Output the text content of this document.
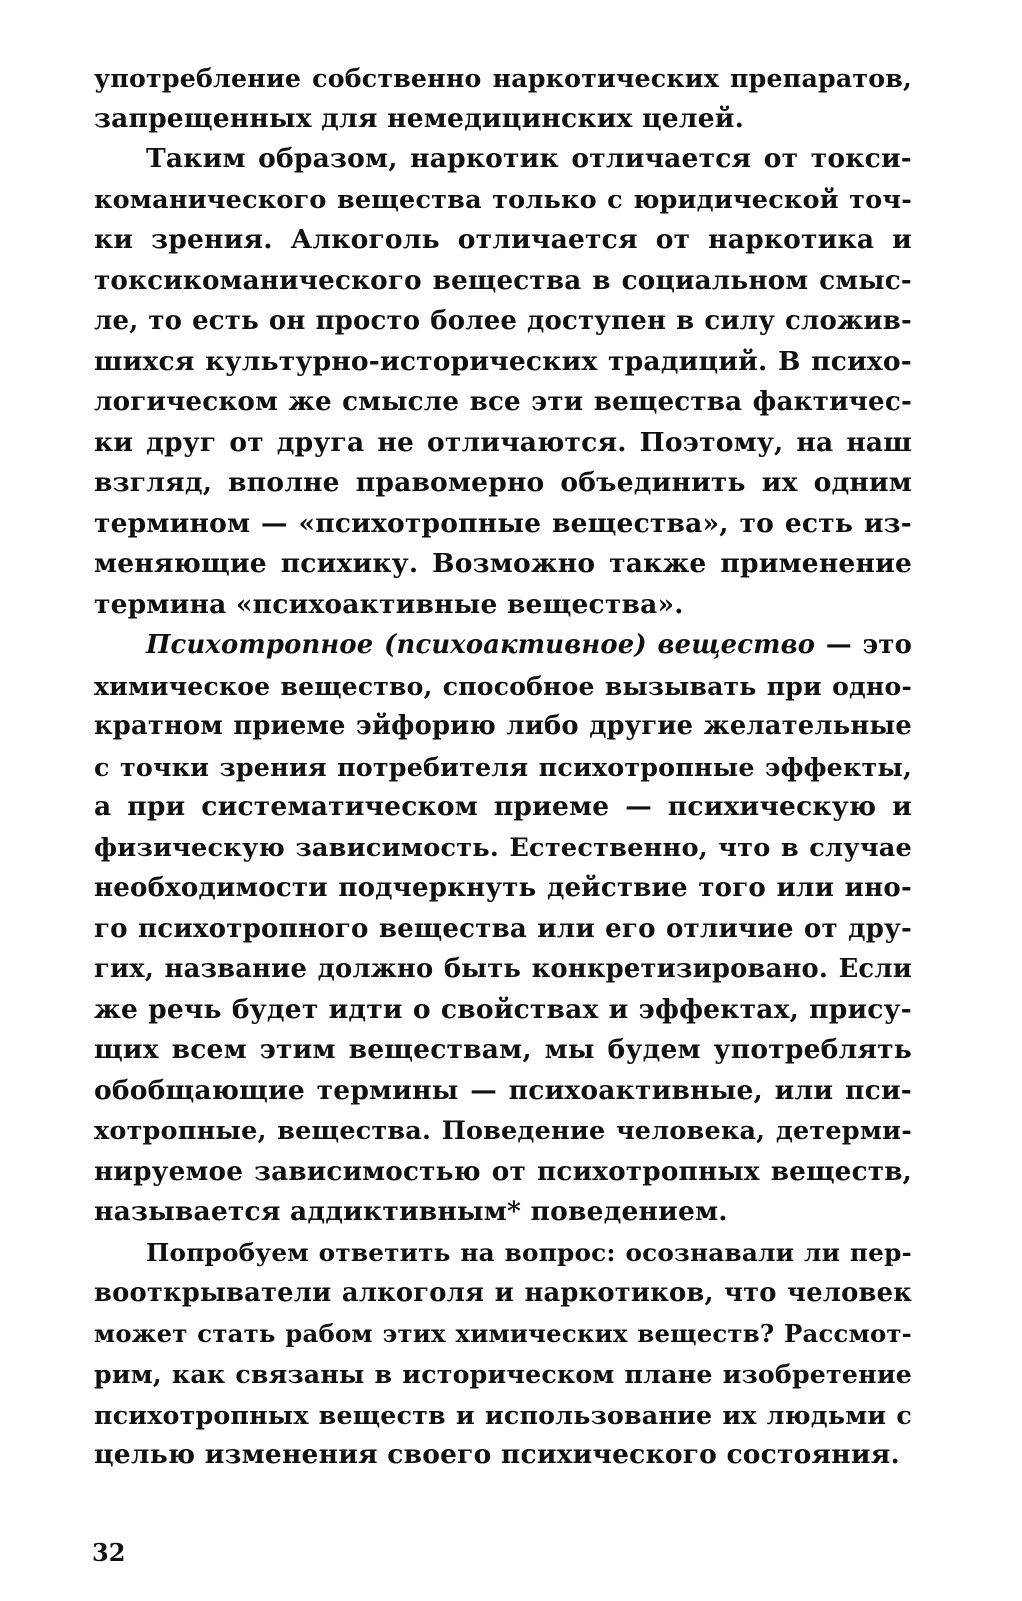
употребление собственно наркотических препаратов,
запрещенных для немедицинских целей.
Таким образом, наркотик отличается от токси-
команического вещества только с юридической точ-
ки зрения. Алкоголь отличается от наркотика и
токсикоманического вещества в социальном смыс-
ле, то есть он просто более доступен в силу сложив-
шихся культурно-исторических традиций. В психо-
логическом же смысле все эти вещества фактичес-
ки друг от друга не отличаются. Поэтому, на наш
взгляд, вполне правомерно объединить их одним
термином — «психотропные вещества», то есть из-
меняющие психику. Возможно также применение
термина «психоактивные вещества».
Психотропное (психоактивное) вещество — это
химическое вещество, способное вызывать при одно-
кратном приеме эйфорию либо другие желательные
с точки зрения потребителя психотропные эффекты,
а при систематическом приеме — психическую и
физическую зависимость. Естественно, что в случае
необходимости подчеркнуть действие того или ино-
го психотропного вещества или его отличие от дру-
гих, название должно быть конкретизировано. Если
же речь будет идти о свойствах и эффектах, прису-
щих всем этим веществам, мы будем употреблять
обобщающие термины — психоактивные, или пси-
хотропные, вещества. Поведение человека, детерми-
нируемое зависимостью от психотропных веществ,
называется аддиктивным* поведением.
Попробуем ответить на вопрос: осознавали ли пер-
вооткрыватели алкоголя и наркотиков, что человек
может стать рабом этих химических веществ? Рассмот-
рим, как связаны в историческом плане изобретение
психотропных веществ и использование их людьми с
целью изменения своего психического состояния.
32
